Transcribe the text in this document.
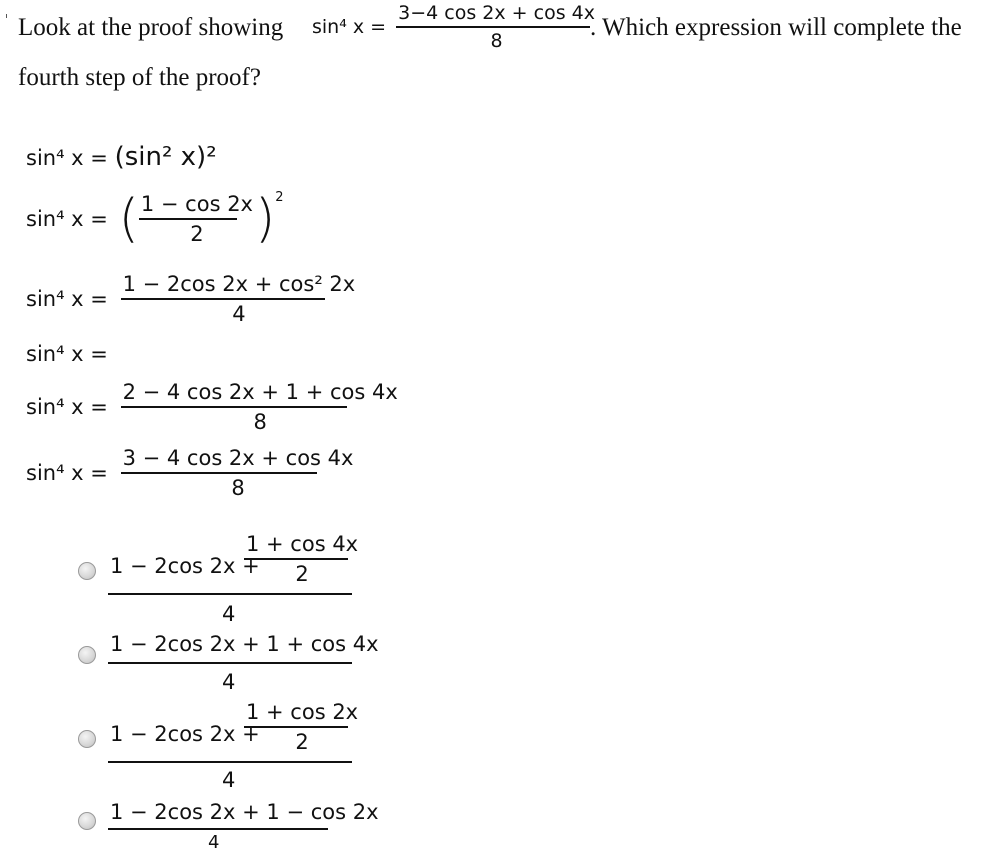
Look at the proof showing sin⁴ $x = \frac{3-4 \cos 2x + \cos 4x}{8}$
. Which expression will complete the
fourth step of the proof?
sin⁴ x = (sin² x)²
sin⁴ x = ( $\frac{1 - \cos 2x}{2} )^2$
sin⁴ $x = \frac{\text{1 − 2cos 2x + cos² 2x}}{4}$
sin⁴ x =
sin⁴ $x = \frac{2 - 4 \cos 2x + 1 + \cos 4x}{8}$
sin⁴ $x = \frac{3 - 4 \cos 2x + \cos 4x}{8}$
1 − 2cos 2x +
$\frac{1 + \cos 4x}{2}$
4
1 − 2cos 2x + 1 + cos 4x
4
1 − 2cos 2x +
$\frac{1 + \cos 2x}{2}$
4
1 − 2cos 2x + 1 − cos 2x
4
